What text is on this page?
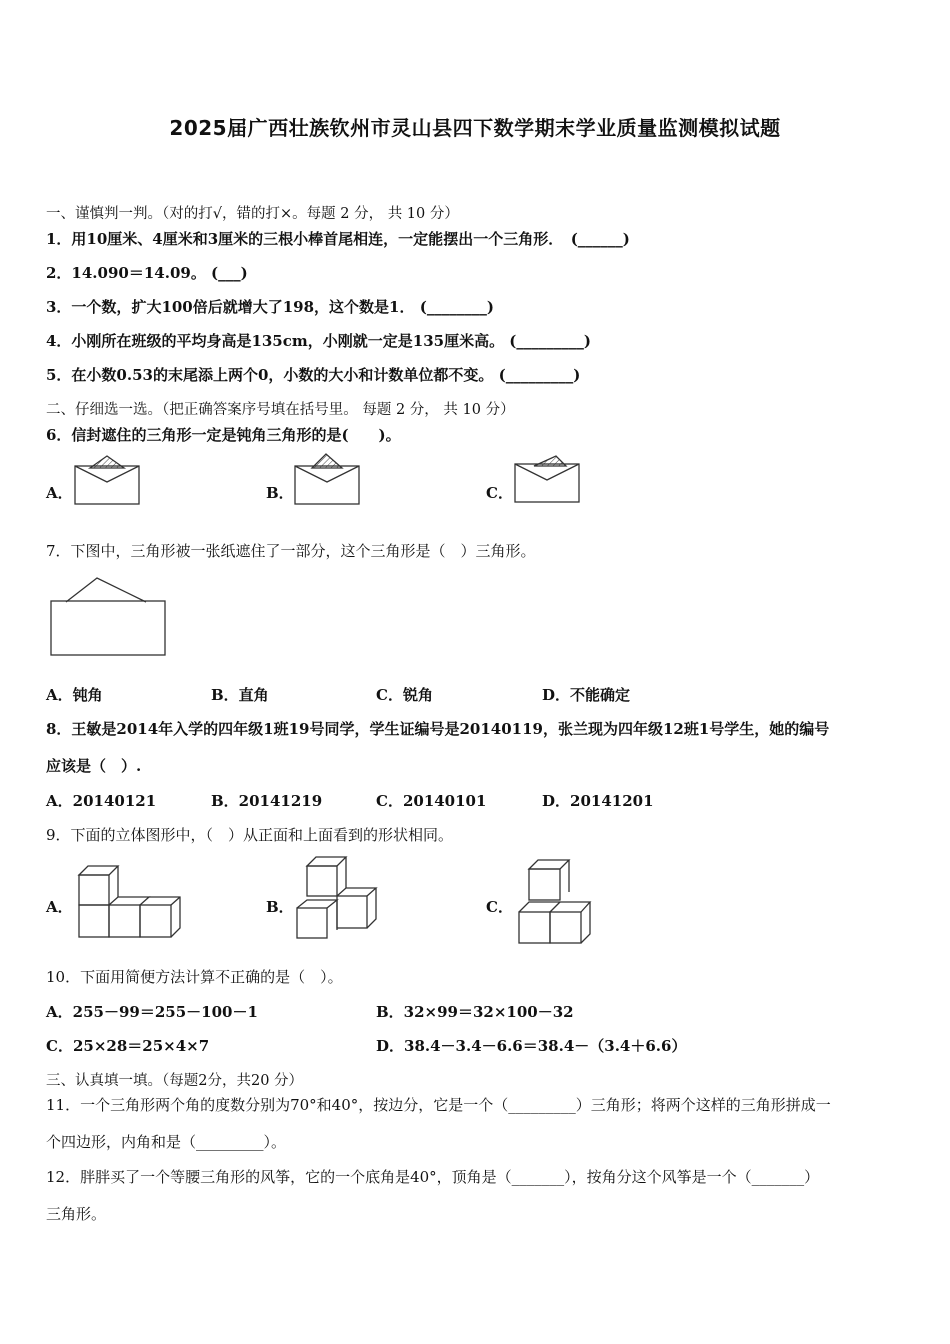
2025届广西壮族钦州市灵山县四下数学期末学业质量监测模拟试题
一、谨慎判一判。（对的打√，错的打×。每题 2 分， 共 10 分）
1．用10厘米、4厘米和3厘米的三根小棒首尾相连，一定能摆出一个三角形．　(______)
2．14.090＝14.09。 (___)
3．一个数，扩大100倍后就增大了198，这个数是1． (________)
4．小刚所在班级的平均身高是135cm，小刚就一定是135厘米高。 (_________)
5．在小数0.53的末尾添上两个0，小数的大小和计数单位都不变。 (_________)
二、仔细选一选。（把正确答案序号填在括号里。 每题 2 分， 共 10 分）
6．信封遮住的三角形一定是钝角三角形的是(　　)。
A．	B．	C．
7．下图中，三角形被一张纸遮住了一部分，这个三角形是（　）三角形。
A．钝角	B．直角	C．锐角	D．不能确定
8．王敏是2014年入学的四年级1班19号同学，学生证编号是20140119，张兰现为四年级12班1号学生，她的编号
应该是（　）.
A．20140121	B．20141219	C．20140101	D．20141201
9．下面的立体图形中，（　）从正面和上面看到的形状相同。
A．	B．	C．
10．下面用简便方法计算不正确的是（　）。
A．255－99＝255－100－1	B．32×99＝32×100－32
C．25×28＝25×4×7	D．38.4－3.4－6.6＝38.4－（3.4＋6.6）
三、认真填一填。（每题2分，共20 分）
11．一个三角形两个角的度数分别为70°和40°，按边分，它是一个（_________）三角形；将两个这样的三角形拼成一
个四边形，内角和是（_________）。
12．胖胖买了一个等腰三角形的风筝，它的一个底角是40°，顶角是（_______），按角分这个风筝是一个（_______）
三角形。
